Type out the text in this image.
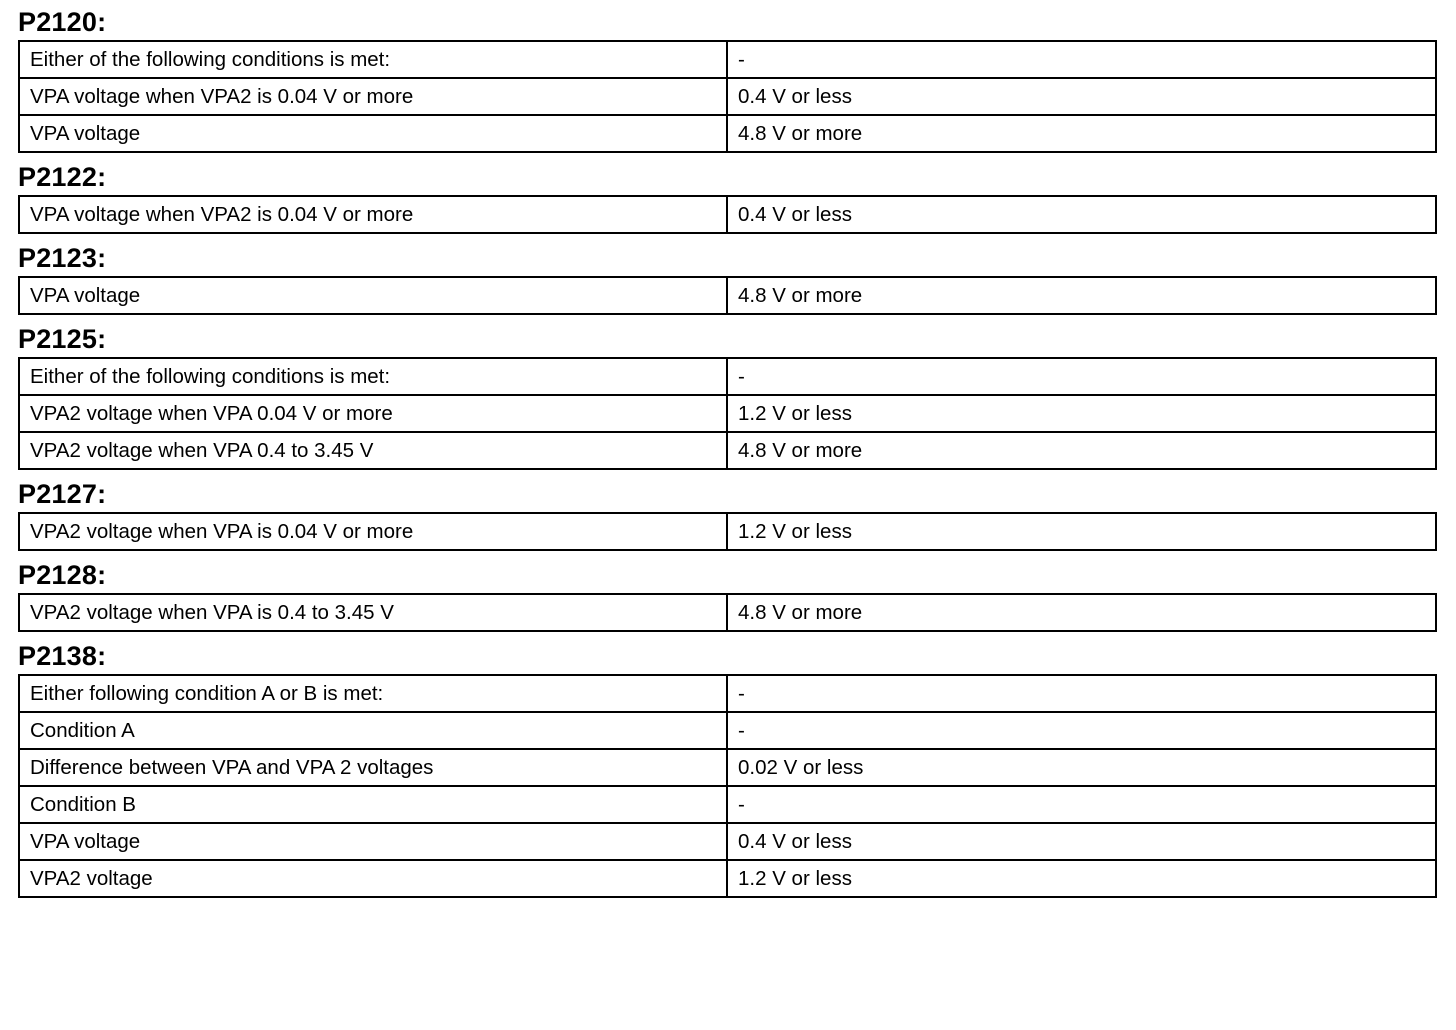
P2120:
Either of the following conditions is met:	-
VPA voltage when VPA2 is 0.04 V or more	0.4 V or less
VPA voltage	4.8 V or more
P2122:
VPA voltage when VPA2 is 0.04 V or more	0.4 V or less
P2123:
VPA voltage	4.8 V or more
P2125:
Either of the following conditions is met:	-
VPA2 voltage when VPA 0.04 V or more	1.2 V or less
VPA2 voltage when VPA 0.4 to 3.45 V	4.8 V or more
P2127:
VPA2 voltage when VPA is 0.04 V or more	1.2 V or less
P2128:
VPA2 voltage when VPA is 0.4 to 3.45 V	4.8 V or more
P2138:
Either following condition A or B is met:	-
Condition A	-
Difference between VPA and VPA 2 voltages	0.02 V or less
Condition B	-
VPA voltage	0.4 V or less
VPA2 voltage	1.2 V or less
